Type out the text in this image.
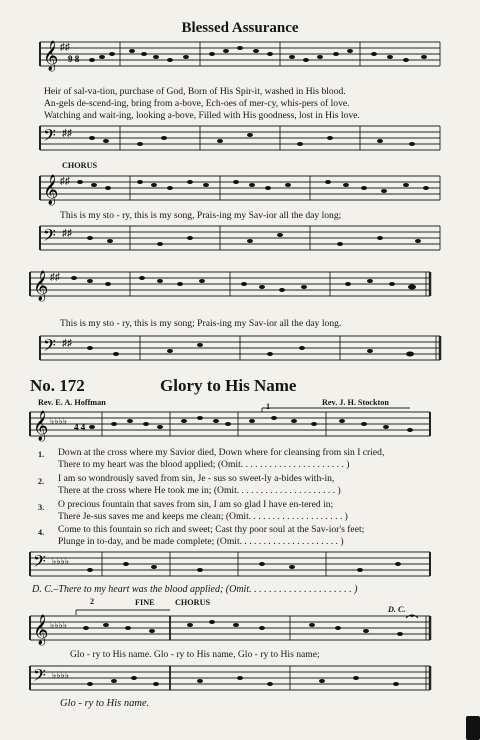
Blessed Assurance
𝄞 ♯♯
9 8
Heir of sal-va-tion, purchase of God, Born of His Spir-it, washed in His blood.
An-gels de-scend-ing, bring from a-bove, Ech-oes of mer-cy, whis-pers of love.
Watching and wait-ing, looking a-bove, Filled with His goodness, lost in His love.
𝄢 ♯♯
CHORUS
𝄞 ♯♯
This is my sto - ry, this is my song, Prais-ing my Sav-ior all the day long;
𝄢 ♯♯
𝄞 ♯♯
This is my sto - ry, this is my song; Prais-ing my Sav-ior all the day long.
𝄢 ♯♯
No. 172	Glory to His Name
Rev. E. A. Hoffman	Rev. J. H. Stockton
1
𝄞 ♭♭♭♭
4 4
1. Down at the cross where my Savior died, Down where for cleansing from sin I cried,
There to my heart was the blood applied; (Omit. . . . . . . . . . . . . . . . . . . . . . )
2. I am so wondrously saved from sin, Je - sus so sweet-ly a-bides with-in,
There at the cross where He took me in; (Omit. . . . . . . . . . . . . . . . . . . . . )
3. O precious fountain that saves from sin, I am so glad I have en-tered in;
There Je-sus saves me and keeps me clean; (Omit. . . . . . . . . . . . . . . . . . . . )
4. Come to this fountain so rich and sweet; Cast thy poor soul at the Sav-ior's feet;
Plunge in to-day, and be made complete; (Omit. . . . . . . . . . . . . . . . . . . . . )
𝄢 ♭♭♭♭
D. C.–There to my heart was the blood applied; (Omit. . . . . . . . . . . . . . . . . . . . . )
2	FINE CHORUS
D. C.
𝄞 ♭♭♭♭
Glo - ry to His name. Glo - ry to His name, Glo - ry to His name;
𝄢 ♭♭♭♭
Glo - ry to His name.
